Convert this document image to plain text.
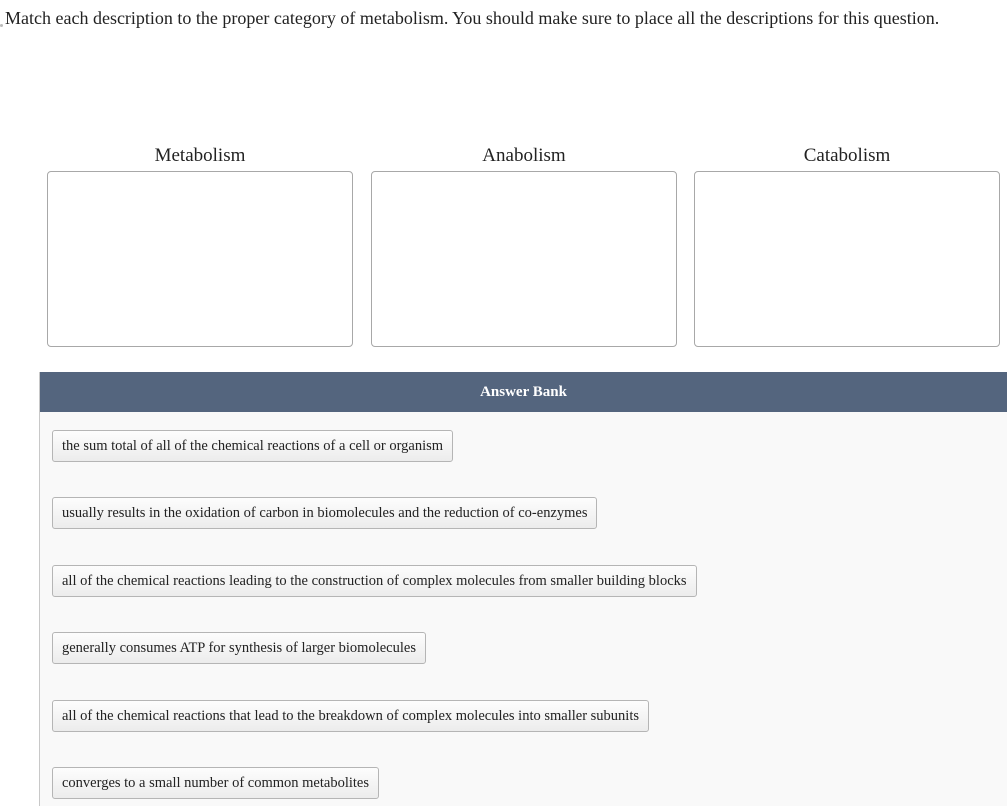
Match each description to the proper category of metabolism. You should make sure to place all the descriptions for this question.
Metabolism	Anabolism	Catabolism
Answer Bank
the sum total of all of the chemical reactions of a cell or organism
usually results in the oxidation of carbon in biomolecules and the reduction of co-enzymes
all of the chemical reactions leading to the construction of complex molecules from smaller building blocks
generally consumes ATP for synthesis of larger biomolecules
all of the chemical reactions that lead to the breakdown of complex molecules into smaller subunits
converges to a small number of common metabolites
